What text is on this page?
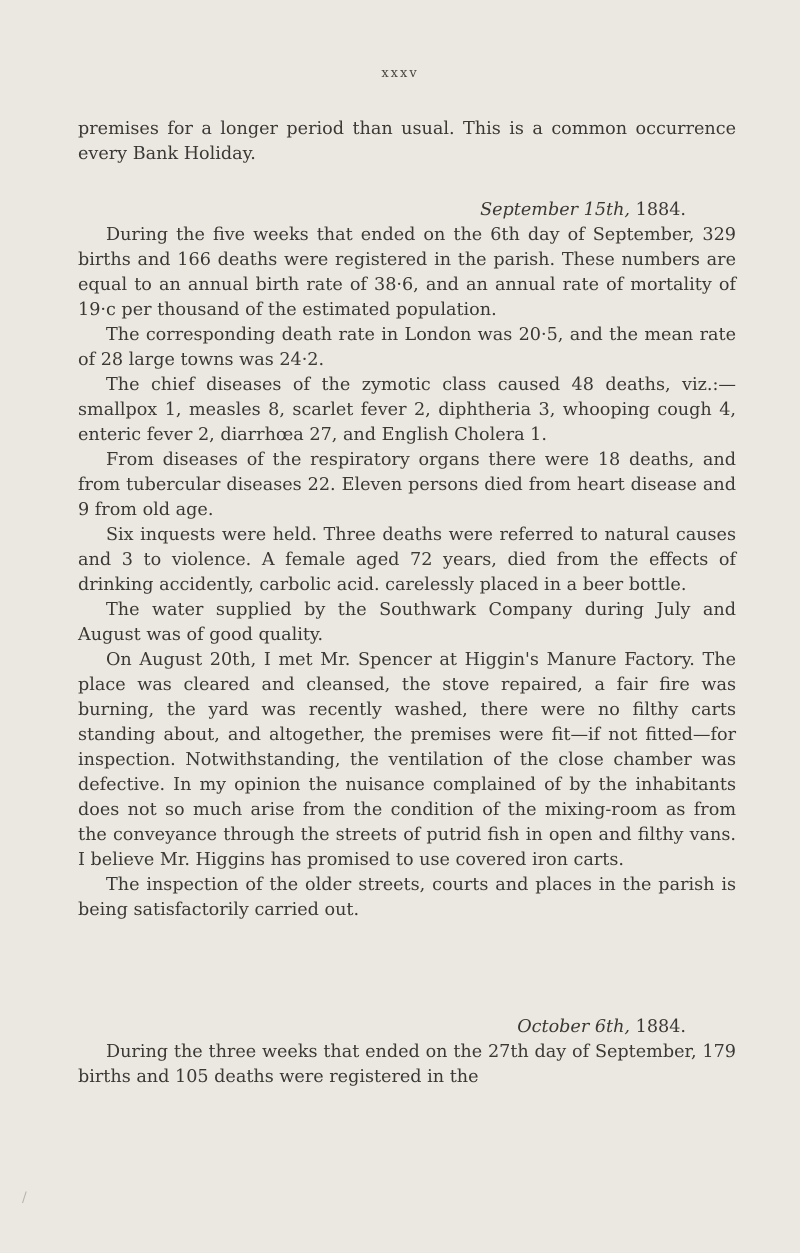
xxxv

premises for a longer period than usual. This is a common occurrence every Bank Holiday.

September 15th, 1884.

During the five weeks that ended on the 6th day of September, 329 births and 166 deaths were registered in the parish. These numbers are equal to an annual birth rate of 38·6, and an annual rate of mortality of 19·c per thousand of the estimated population.

The corresponding death rate in London was 20·5, and the mean rate of 28 large towns was 24·2.

The chief diseases of the zymotic class caused 48 deaths, viz.:—smallpox 1, measles 8, scarlet fever 2, diphtheria 3, whooping cough 4, enteric fever 2, diarrhœa 27, and English Cholera 1.

From diseases of the respiratory organs there were 18 deaths, and from tubercular diseases 22. Eleven persons died from heart disease and 9 from old age.

Six inquests were held. Three deaths were referred to natural causes and 3 to violence. A female aged 72 years, died from the effects of drinking accidently, carbolic acid. carelessly placed in a beer bottle.

The water supplied by the Southwark Company during July and August was of good quality.

On August 20th, I met Mr. Spencer at Higgin's Manure Factory. The place was cleared and cleansed, the stove repaired, a fair fire was burning, the yard was recently washed, there were no filthy carts standing about, and altogether, the premises were fit—if not fitted—for inspection. Notwithstanding, the ventilation of the close chamber was defective. In my opinion the nuisance complained of by the inhabitants does not so much arise from the condition of the mixing-room as from the conveyance through the streets of putrid fish in open and filthy vans. I believe Mr. Higgins has promised to use covered iron carts.

The inspection of the older streets, courts and places in the parish is being satisfactorily carried out.

October 6th, 1884.

During the three weeks that ended on the 27th day of September, 179 births and 105 deaths were registered in the

/
